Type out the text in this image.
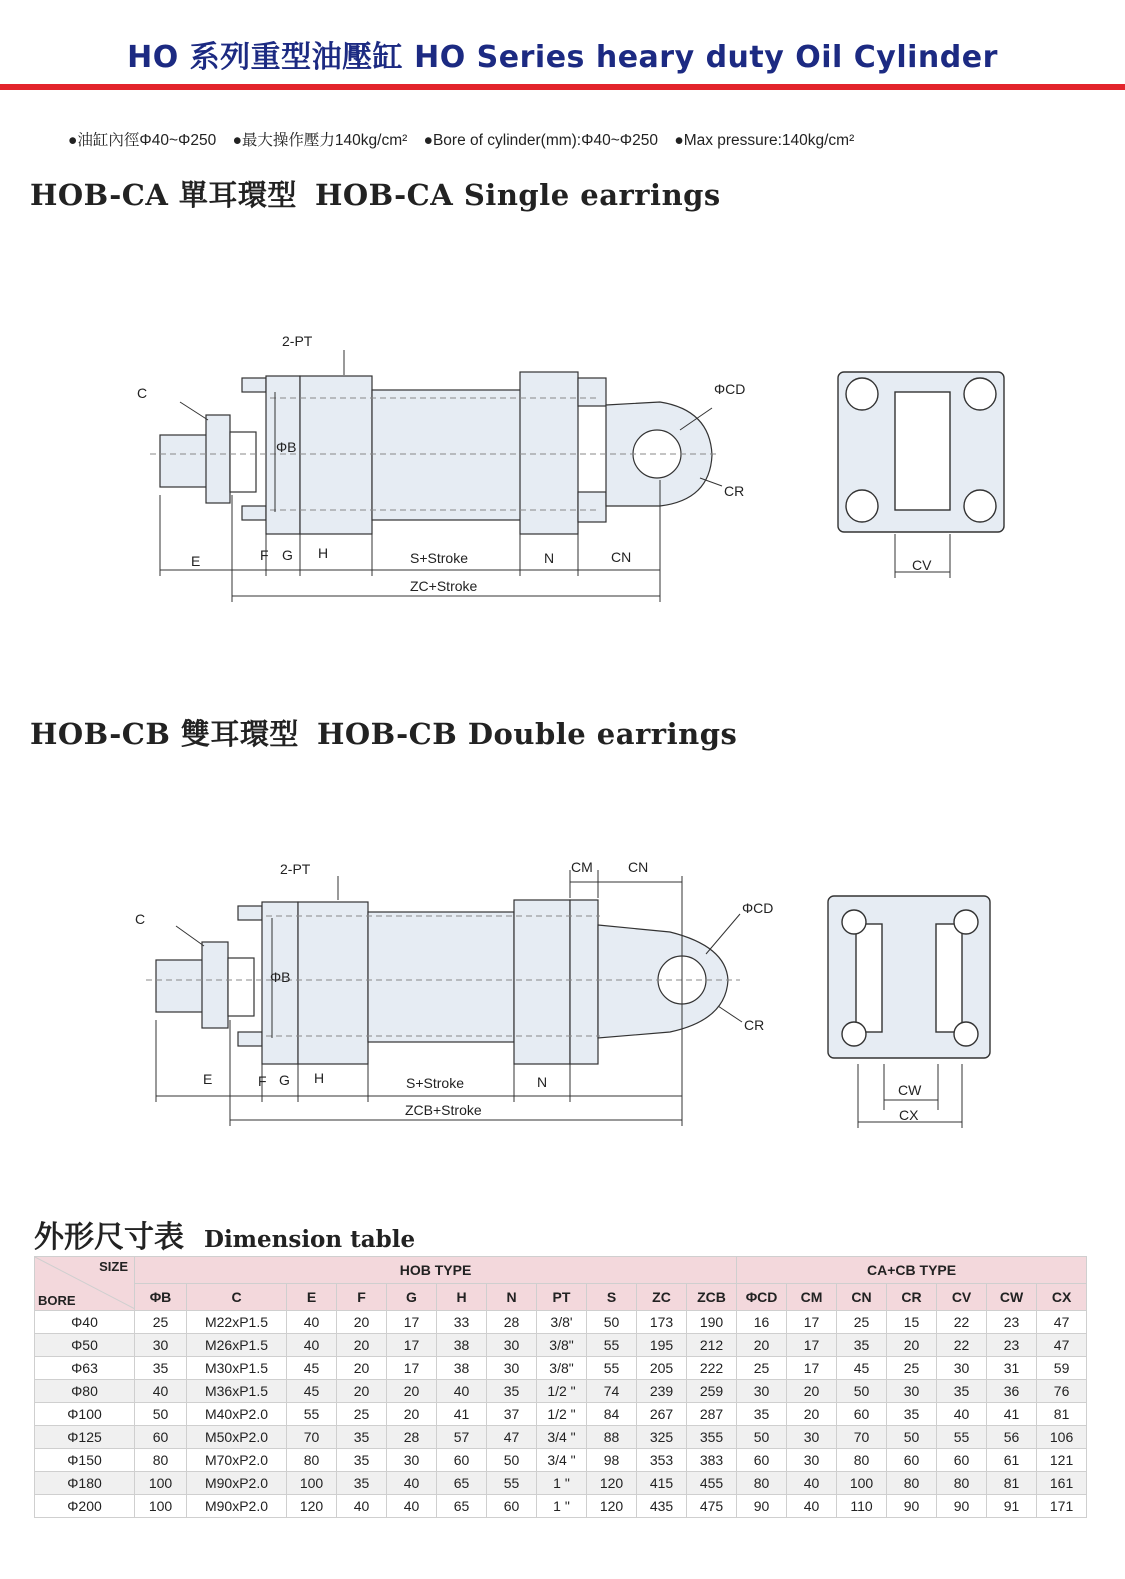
HO 系列重型油壓缸 HO Series heary duty Oil Cylinder
●油缸內徑Φ40~Φ250 ●最大操作壓力140kg/cm² ●Bore of cylinder(mm):Φ40~Φ250 ●Max pressure:140kg/cm²
HOB-CA 單耳環型 HOB-CA Single earrings
2-PT
C
ΦB
ΦCD
CR
E	F G H	S+Stroke	N	CN
ZC+Stroke
CV
HOB-CB 雙耳環型 HOB-CB Double earrings
2-PT
C
ΦB
CM	CN
ΦCD
CR
E	F G H	S+Stroke	N
ZCB+Stroke
CW
CX
外形尺寸表 Dimension table
SIZE
BORE	HOB TYPE											CA+CB TYPE						
	ΦB	C	E	F	G	H	N	PT	S	ZC	ZCB	ΦCD	CM	CN	CR	CV	CW	CX
Φ40	25	M22xP1.5	40	20	17	33	28	3/8'	50	173	190	16	17	25	15	22	23	47
Φ50	30	M26xP1.5	40	20	17	38	30	3/8"	55	195	212	20	17	35	20	22	23	47
Φ63	35	M30xP1.5	45	20	17	38	30	3/8"	55	205	222	25	17	45	25	30	31	59
Φ80	40	M36xP1.5	45	20	20	40	35	1/2 "	74	239	259	30	20	50	30	35	36	76
Φ100	50	M40xP2.0	55	25	20	41	37	1/2 "	84	267	287	35	20	60	35	40	41	81
Φ125	60	M50xP2.0	70	35	28	57	47	3/4 "	88	325	355	50	30	70	50	55	56	106
Φ150	80	M70xP2.0	80	35	30	60	50	3/4 "	98	353	383	60	30	80	60	60	61	121
Φ180	100	M90xP2.0	100	35	40	65	55	1 "	120	415	455	80	40	100	80	80	81	161
Φ200	100	M90xP2.0	120	40	40	65	60	1 "	120	435	475	90	40	110	90	90	91	171
